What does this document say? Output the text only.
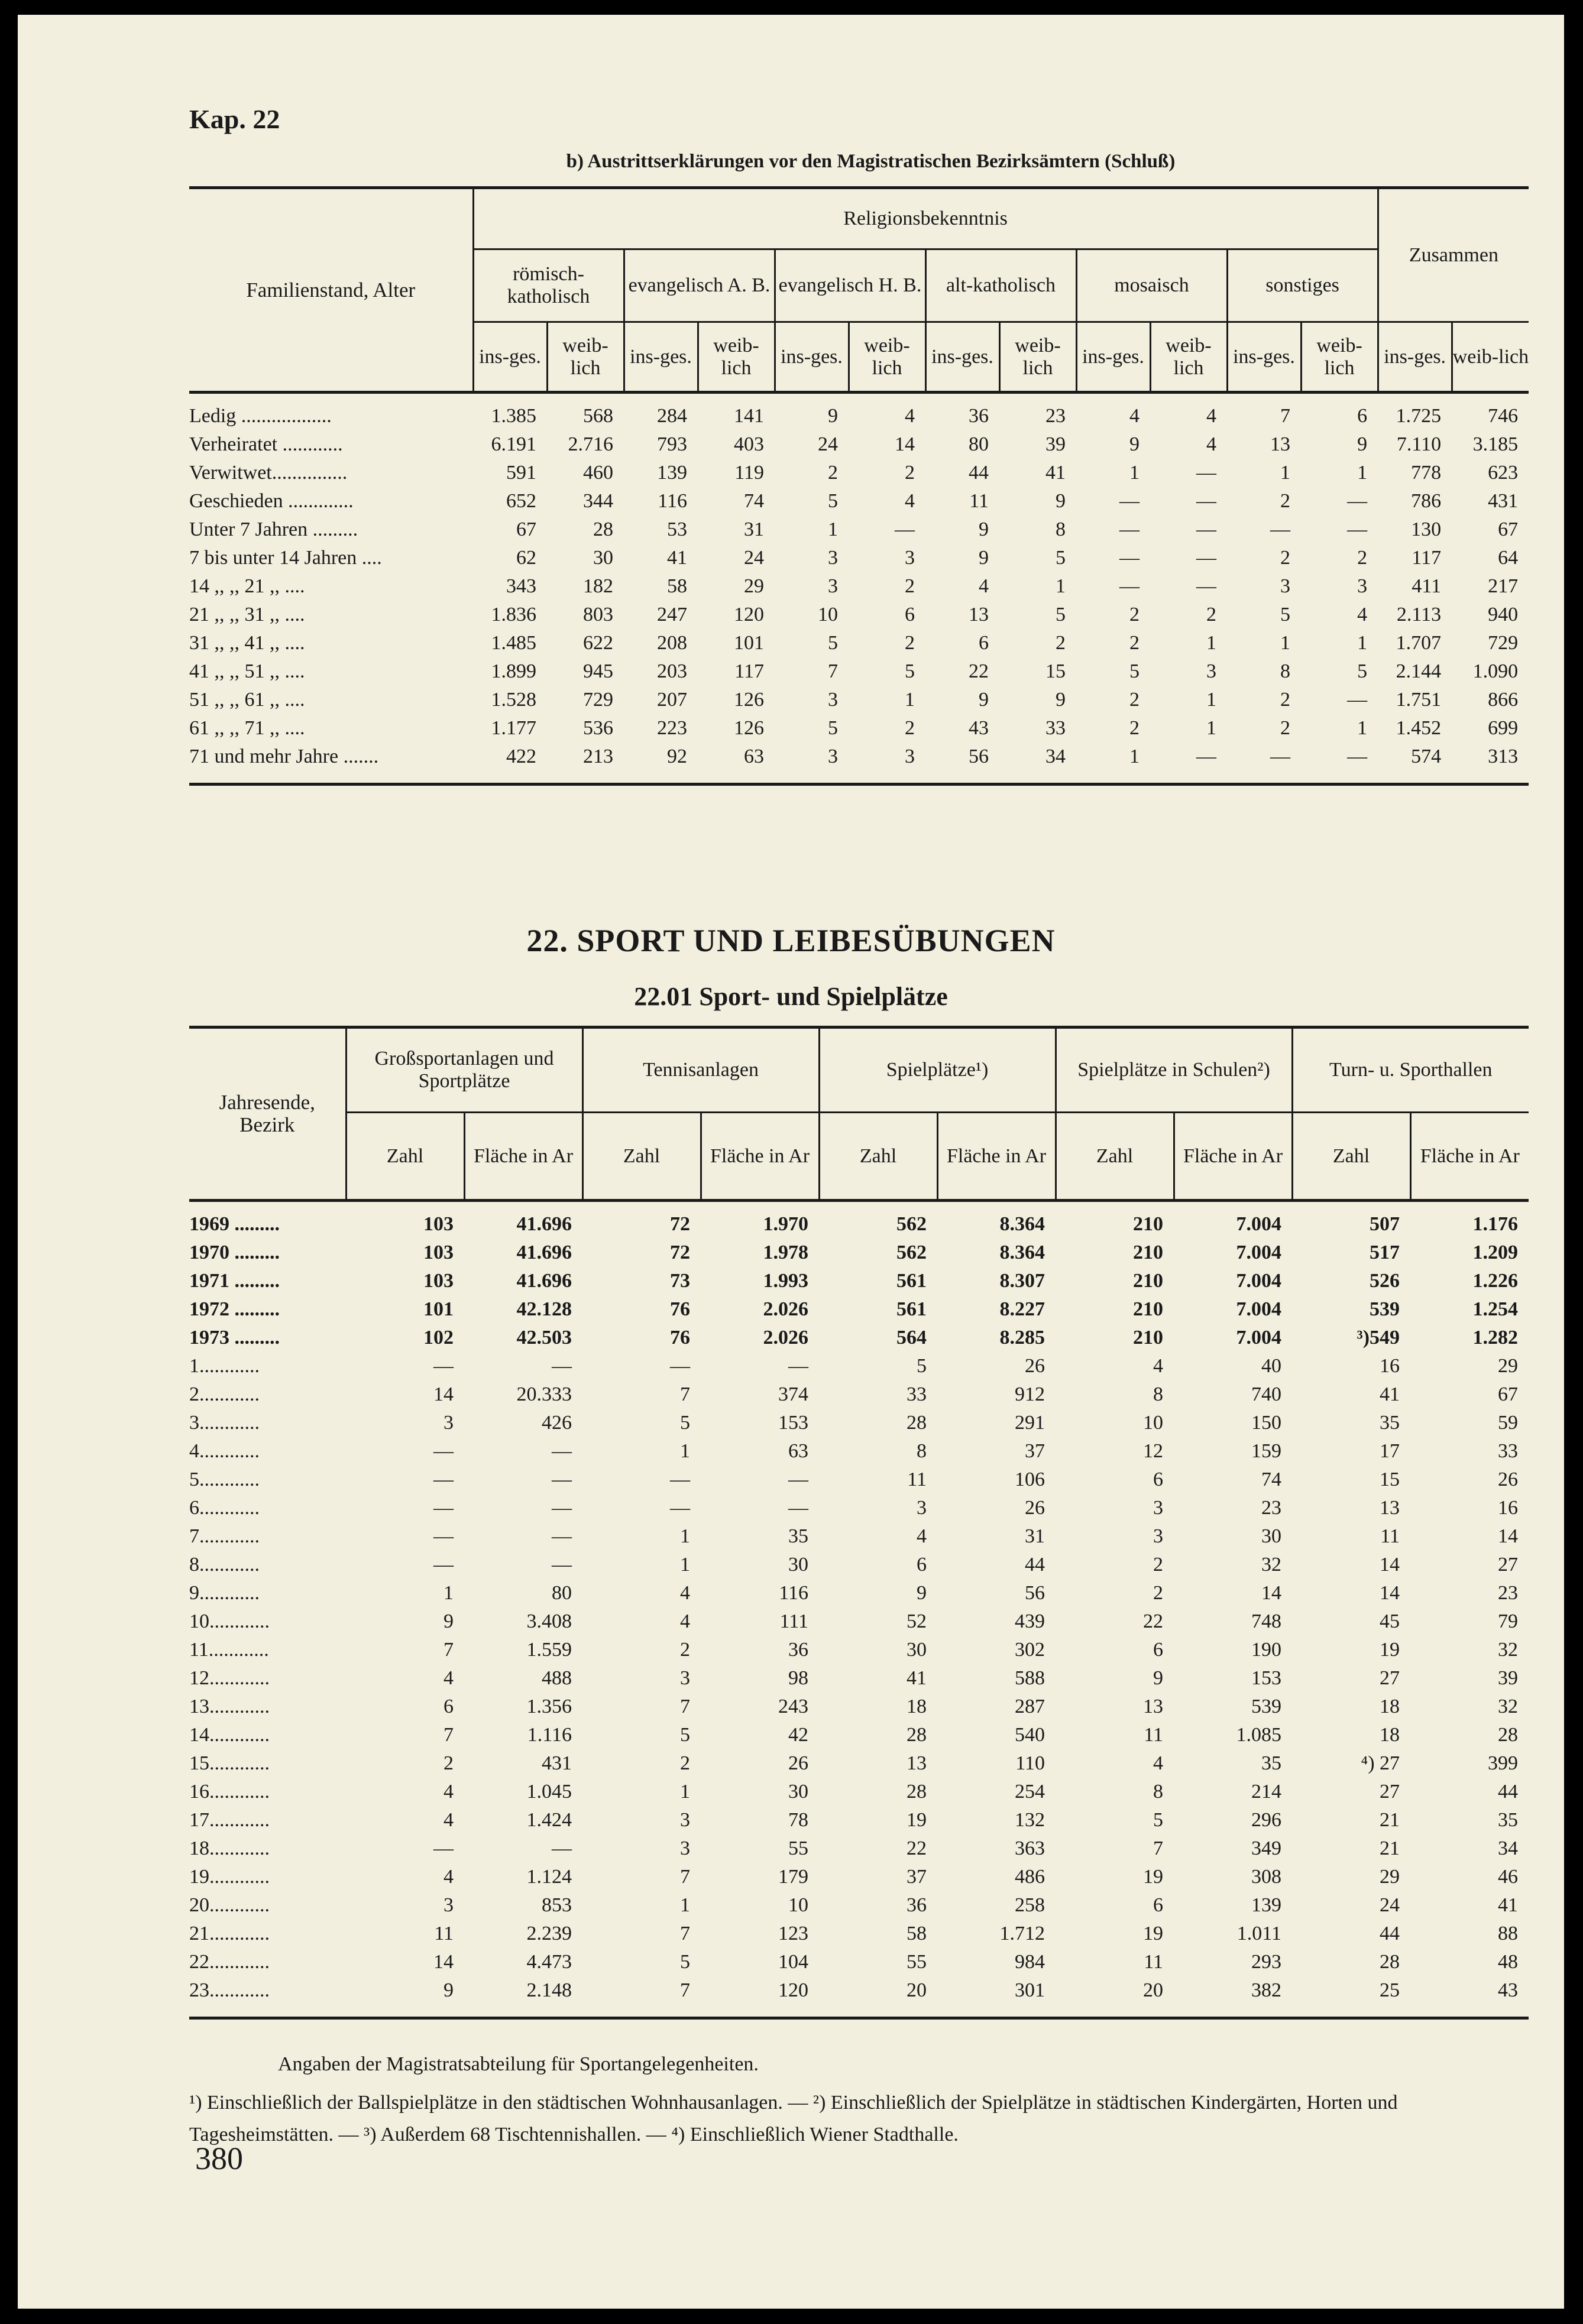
Kap. 22
b) Austrittserklärungen vor den Magistratischen Bezirksämtern (Schluß)
Familienstand, Alter	Religionsbekenntnis												Zusammen	
	römisch-katholisch		evangelisch A. B.		evangelisch H. B.		alt-katholisch		mosaisch		sonstiges			
	ins-ges.	weib-lich	ins-ges.	weib-lich	ins-ges.	weib-lich	ins-ges.	weib-lich	ins-ges.	weib-lich	ins-ges.	weib-lich	ins-ges.	weib-lich

Ledig ..................	1.385	568	284	141	9	4	36	23	4	4	7	6	1.725	746
Verheiratet ............	6.191	2.716	793	403	24	14	80	39	9	4	13	9	7.110	3.185
Verwitwet...............	591	460	139	119	2	2	44	41	1	—	1	1	778	623
Geschieden .............	652	344	116	74	5	4	11	9	—	—	2	—	786	431
Unter 7 Jahren .........	67	28	53	31	1	—	9	8	—	—	—	—	130	67
7 bis unter 14 Jahren ....	62	30	41	24	3	3	9	5	—	—	2	2	117	64
14 ,, ,, 21 ,, ....	343	182	58	29	3	2	4	1	—	—	3	3	411	217
21 ,, ,, 31 ,, ....	1.836	803	247	120	10	6	13	5	2	2	5	4	2.113	940
31 ,, ,, 41 ,, ....	1.485	622	208	101	5	2	6	2	2	1	1	1	1.707	729
41 ,, ,, 51 ,, ....	1.899	945	203	117	7	5	22	15	5	3	8	5	2.144	1.090
51 ,, ,, 61 ,, ....	1.528	729	207	126	3	1	9	9	2	1	2	—	1.751	866
61 ,, ,, 71 ,, ....	1.177	536	223	126	5	2	43	33	2	1	2	1	1.452	699
71 und mehr Jahre .......	422	213	92	63	3	3	56	34	1	—	—	—	574	313

22. SPORT UND LEIBESÜBUNGEN
22.01 Sport- und Spielplätze
Jahresende, Bezirk	Großsportanlagen und Sportplätze		Tennisanlagen		Spielplätze¹)		Spielplätze in Schulen²)		Turn- u. Sporthallen	
	Zahl	Fläche in Ar	Zahl	Fläche in Ar	Zahl	Fläche in Ar	Zahl	Fläche in Ar	Zahl	Fläche in Ar

1969 .........	103	41.696	72	1.970	562	8.364	210	7.004	507	1.176
1970 .........	103	41.696	72	1.978	562	8.364	210	7.004	517	1.209
1971 .........	103	41.696	73	1.993	561	8.307	210	7.004	526	1.226
1972 .........	101	42.128	76	2.026	561	8.227	210	7.004	539	1.254
1973 .........	102	42.503	76	2.026	564	8.285	210	7.004	³)549	1.282
1............	—	—	—	—	5	26	4	40	16	29
2............	14	20.333	7	374	33	912	8	740	41	67
3............	3	426	5	153	28	291	10	150	35	59
4............	—	—	1	63	8	37	12	159	17	33
5............	—	—	—	—	11	106	6	74	15	26
6............	—	—	—	—	3	26	3	23	13	16
7............	—	—	1	35	4	31	3	30	11	14
8............	—	—	1	30	6	44	2	32	14	27
9............	1	80	4	116	9	56	2	14	14	23
10............	9	3.408	4	111	52	439	22	748	45	79
11............	7	1.559	2	36	30	302	6	190	19	32
12............	4	488	3	98	41	588	9	153	27	39
13............	6	1.356	7	243	18	287	13	539	18	32
14............	7	1.116	5	42	28	540	11	1.085	18	28
15............	2	431	2	26	13	110	4	35	⁴) 27	399
16............	4	1.045	1	30	28	254	8	214	27	44
17............	4	1.424	3	78	19	132	5	296	21	35
18............	—	—	3	55	22	363	7	349	21	34
19............	4	1.124	7	179	37	486	19	308	29	46
20............	3	853	1	10	36	258	6	139	24	41
21............	11	2.239	7	123	58	1.712	19	1.011	44	88
22............	14	4.473	5	104	55	984	11	293	28	48
23............	9	2.148	7	120	20	301	20	382	25	43

Angaben der Magistratsabteilung für Sportangelegenheiten.
¹) Einschließlich der Ballspielplätze in den städtischen Wohnhausanlagen. — ²) Einschließlich der Spielplätze in städtischen Kindergärten, Horten und Tagesheimstätten. — ³) Außerdem 68 Tischtennishallen. — ⁴) Einschließlich Wiener Stadthalle.
380
